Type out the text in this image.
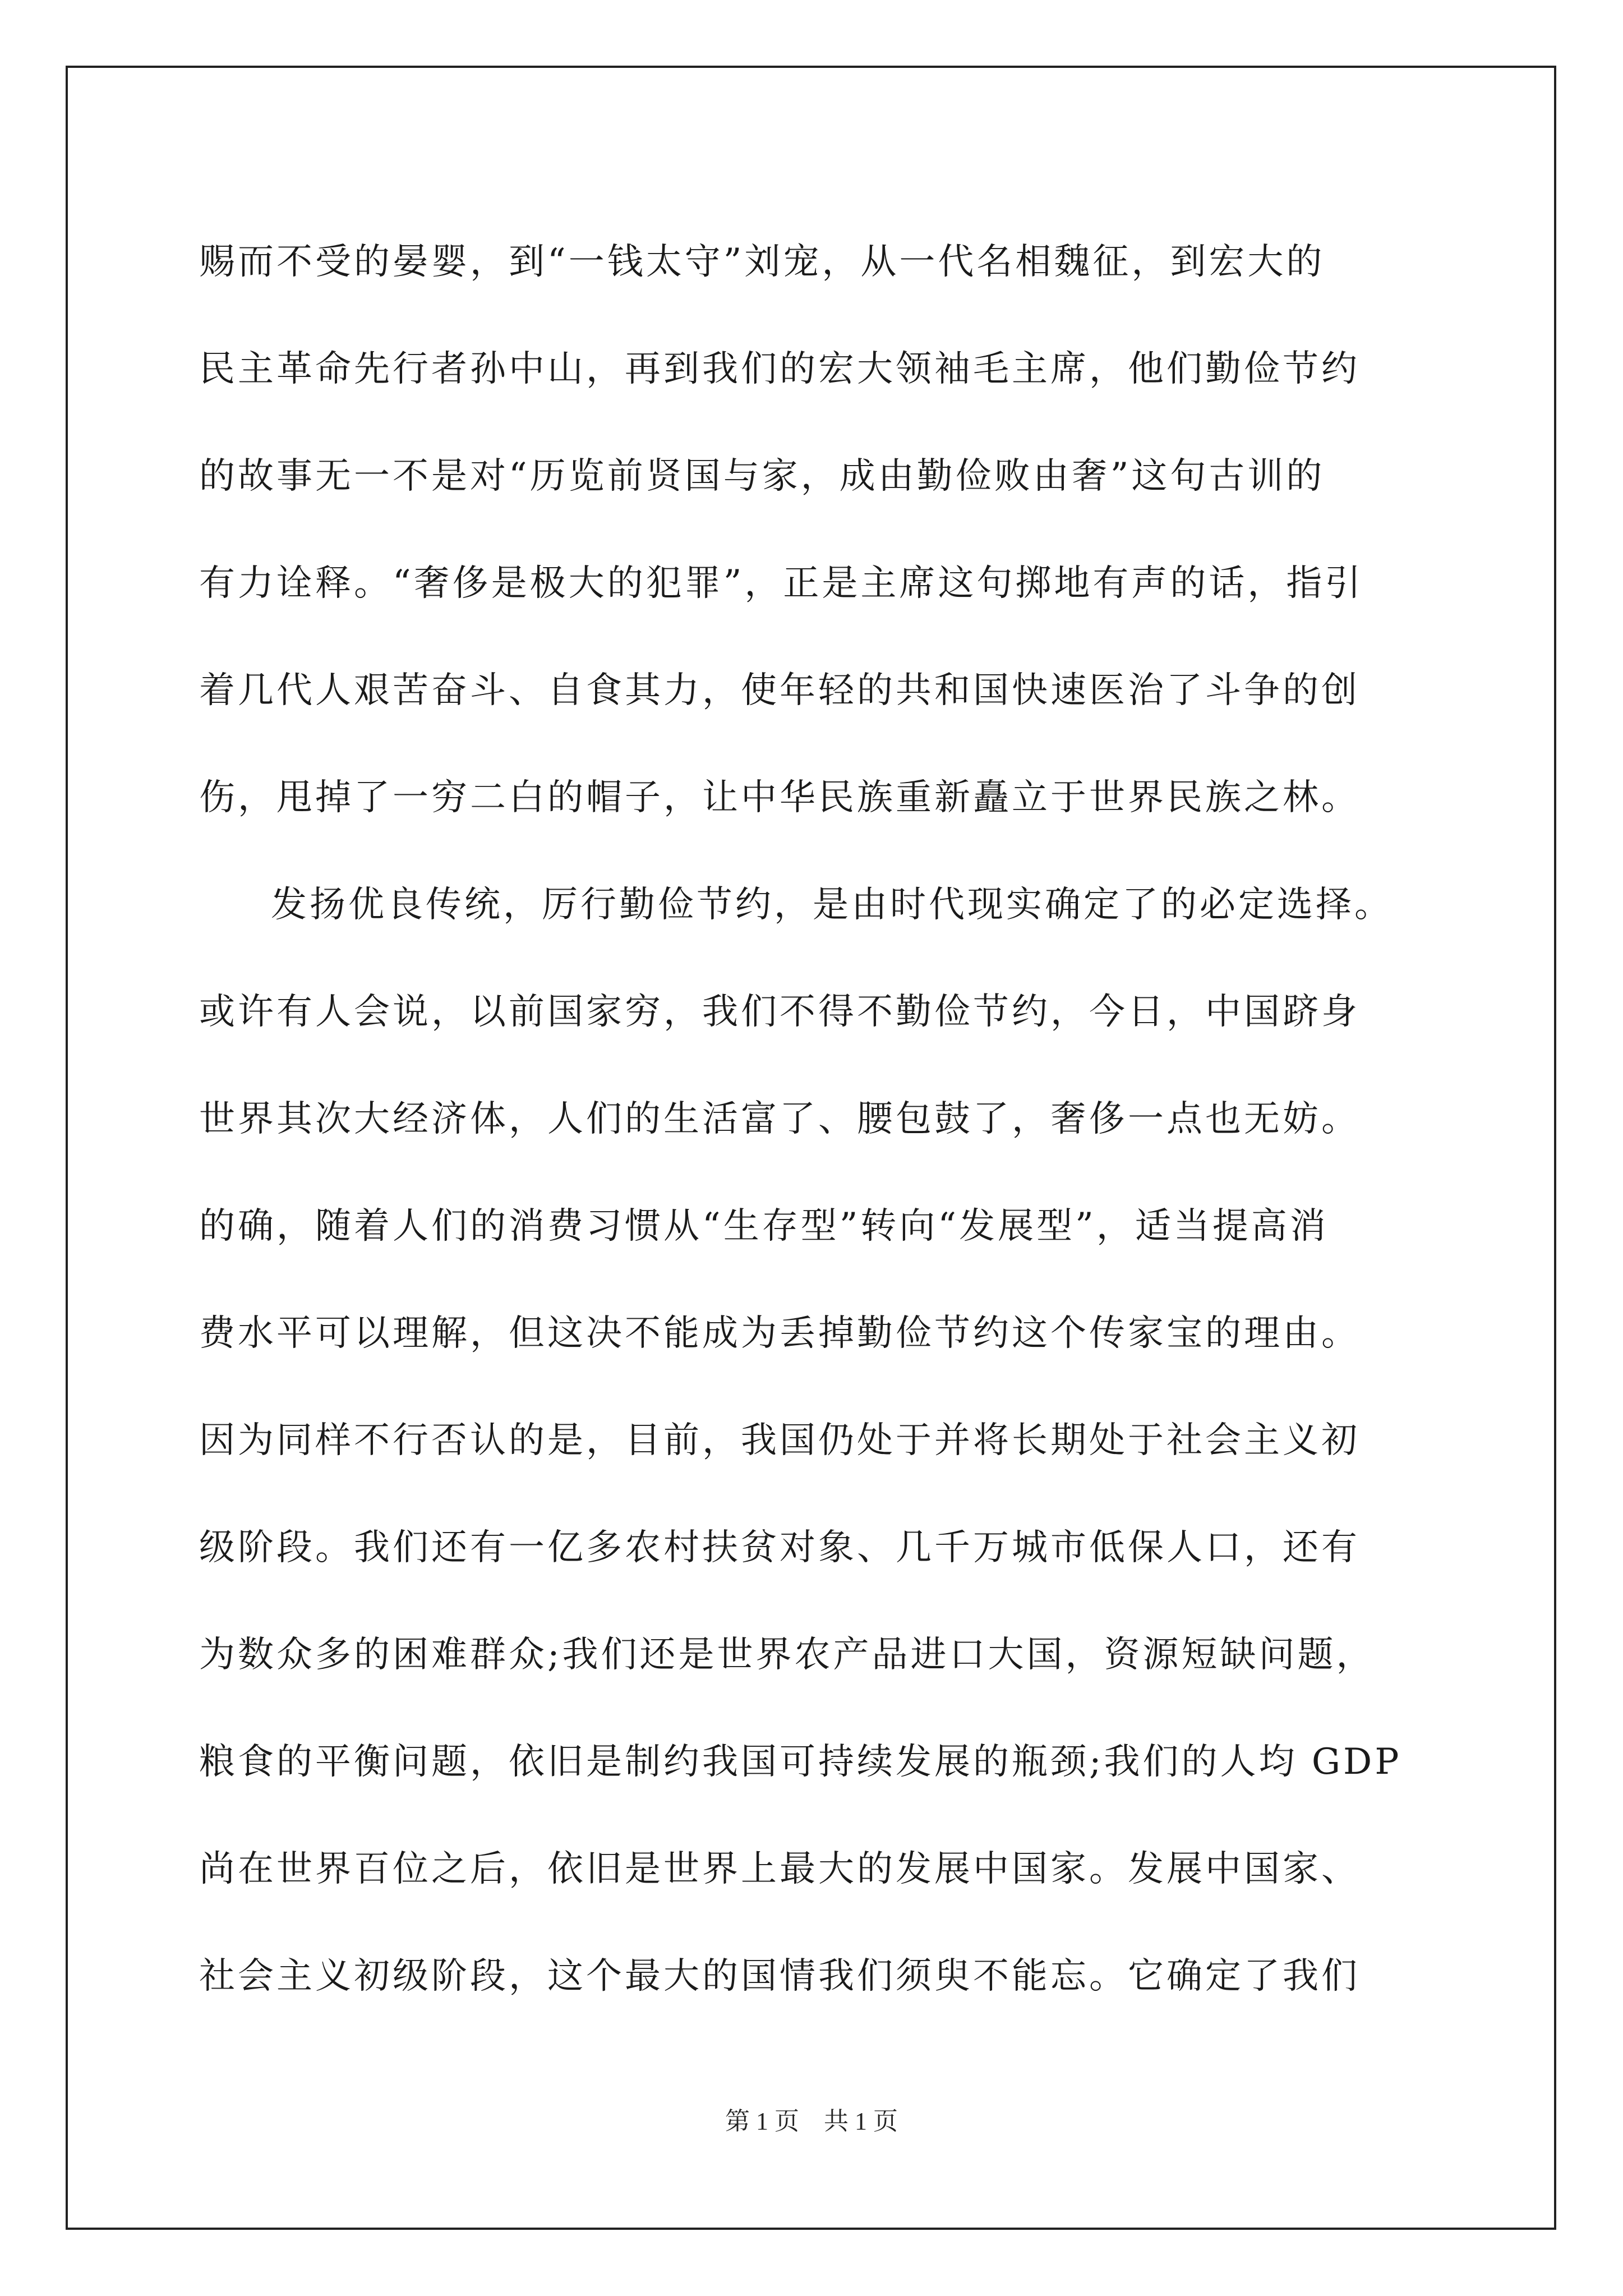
赐而不受的晏婴，到“一钱太守”刘宠，从一代名相魏征，到宏大的
民主革命先行者孙中山，再到我们的宏大领袖毛主席，他们勤俭节约
的故事无一不是对“历览前贤国与家，成由勤俭败由奢”这句古训的
有力诠释。“奢侈是极大的犯罪”，正是主席这句掷地有声的话，指引
着几代人艰苦奋斗、自食其力，使年轻的共和国快速医治了斗争的创
伤，甩掉了一穷二白的帽子，让中华民族重新矗立于世界民族之林。
发扬优良传统，厉行勤俭节约，是由时代现实确定了的必定选择。
或许有人会说，以前国家穷，我们不得不勤俭节约，今日，中国跻身
世界其次大经济体，人们的生活富了、腰包鼓了，奢侈一点也无妨。
的确，随着人们的消费习惯从“生存型”转向“发展型”，适当提高消
费水平可以理解，但这决不能成为丢掉勤俭节约这个传家宝的理由。
因为同样不行否认的是，目前，我国仍处于并将长期处于社会主义初
级阶段。我们还有一亿多农村扶贫对象、几千万城市低保人口，还有
为数众多的困难群众;我们还是世界农产品进口大国，资源短缺问题，
粮食的平衡问题，依旧是制约我国可持续发展的瓶颈;我们的人均 GDP
尚在世界百位之后，依旧是世界上最大的发展中国家。发展中国家、
社会主义初级阶段，这个最大的国情我们须臾不能忘。它确定了我们
第 1 页　共 1 页
